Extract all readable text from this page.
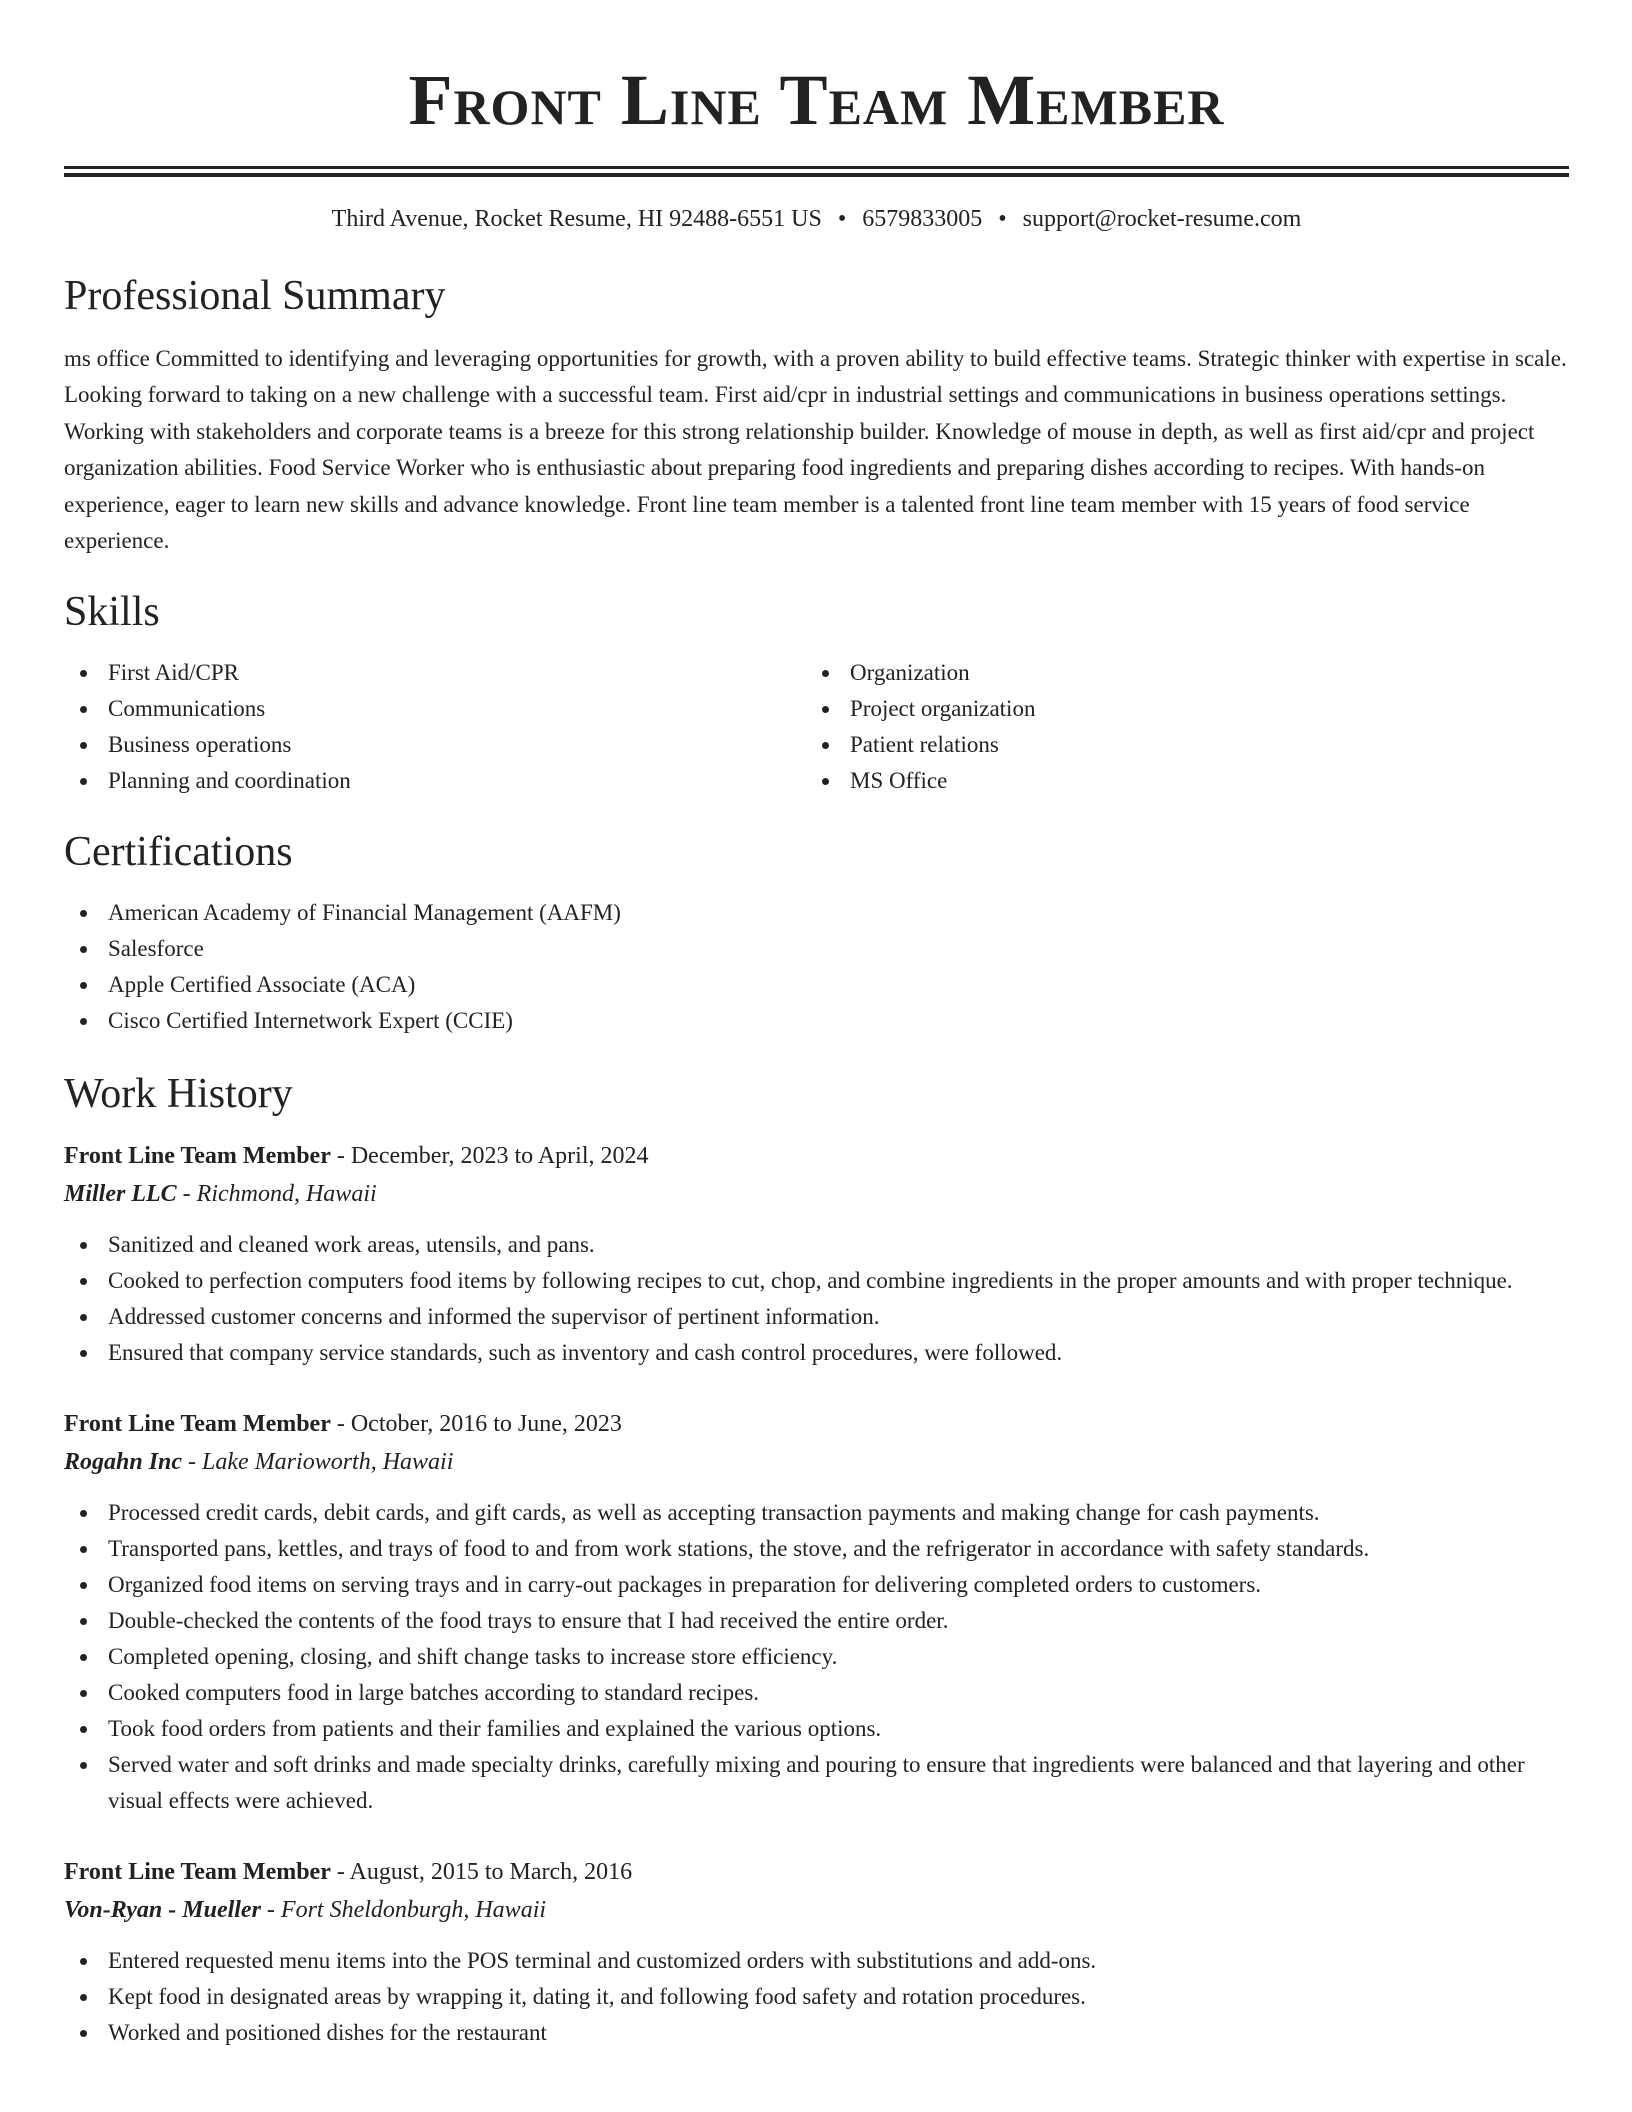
Front Line Team Member
Third Avenue, Rocket Resume, HI 92488-6551 US • 6579833005 • support@rocket-resume.com
Professional Summary

ms office Committed to identifying and leveraging opportunities for growth, with a proven ability to build effective teams. Strategic thinker with expertise in scale. Looking forward to taking on a new challenge with a successful team. First aid/cpr in industrial settings and communications in business operations settings. Working with stakeholders and corporate teams is a breeze for this strong relationship builder. Knowledge of mouse in depth, as well as first aid/cpr and project organization abilities. Food Service Worker who is enthusiastic about preparing food ingredients and preparing dishes according to recipes. With hands-on experience, eager to learn new skills and advance knowledge. Front line team member is a talented front line team member with 15 years of food service experience.

Skills
First Aid/CPR
Communications
Business operations
Planning and coordination
Organization
Project organization
Patient relations
MS Office
Certifications
American Academy of Financial Management (AAFM)
Salesforce
Apple Certified Associate (ACA)
Cisco Certified Internetwork Expert (CCIE)
Work History
Front Line Team Member - December, 2023 to April, 2024
Miller LLC - Richmond, Hawaii
Sanitized and cleaned work areas, utensils, and pans.
Cooked to perfection computers food items by following recipes to cut, chop, and combine ingredients in the proper amounts and with proper technique.
Addressed customer concerns and informed the supervisor of pertinent information.
Ensured that company service standards, such as inventory and cash control procedures, were followed.
Front Line Team Member - October, 2016 to June, 2023
Rogahn Inc - Lake Marioworth, Hawaii
Processed credit cards, debit cards, and gift cards, as well as accepting transaction payments and making change for cash payments.
Transported pans, kettles, and trays of food to and from work stations, the stove, and the refrigerator in accordance with safety standards.
Organized food items on serving trays and in carry-out packages in preparation for delivering completed orders to customers.
Double-checked the contents of the food trays to ensure that I had received the entire order.
Completed opening, closing, and shift change tasks to increase store efficiency.
Cooked computers food in large batches according to standard recipes.
Took food orders from patients and their families and explained the various options.
Served water and soft drinks and made specialty drinks, carefully mixing and pouring to ensure that ingredients were balanced and that layering and other visual effects were achieved.
Front Line Team Member - August, 2015 to March, 2016
Von-Ryan - Mueller - Fort Sheldonburgh, Hawaii
Entered requested menu items into the POS terminal and customized orders with substitutions and add-ons.
Kept food in designated areas by wrapping it, dating it, and following food safety and rotation procedures.
Worked and positioned dishes for the restaurant
